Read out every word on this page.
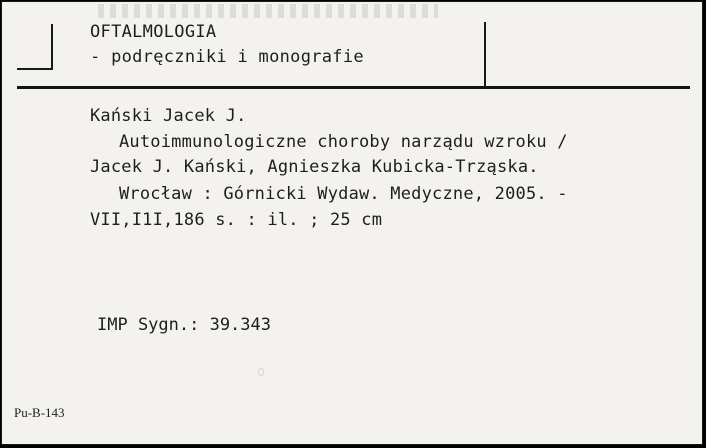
OFTALMOLOGIA
- podręczniki i monografie
Kański Jacek J.
Autoimmunologiczne choroby narządu wzroku /
Jacek J. Kański, Agnieszka Kubicka-Trząska.
Wrocław : Górnicki Wydaw. Medyczne, 2005. -
VII,I1I,186 s. : il. ; 25 cm
IMP Sygn.: 39.343
Pu-B-143
